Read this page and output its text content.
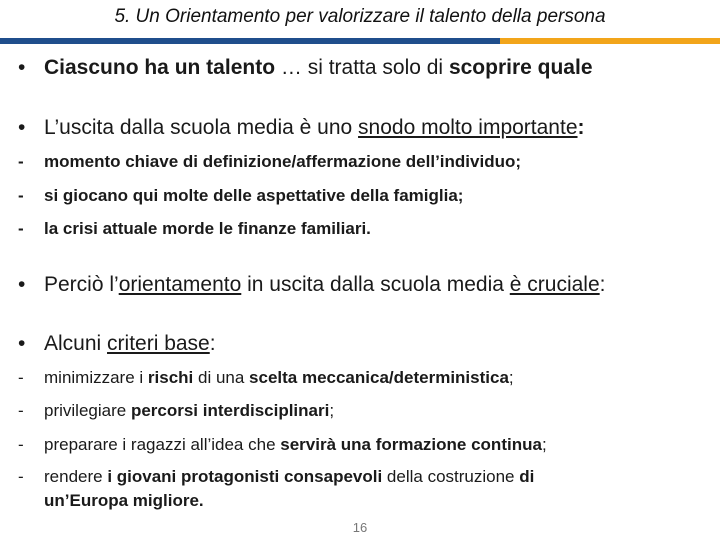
5. Un Orientamento per valorizzare il talento della persona
• Ciascuno ha un talento … si tratta solo di scoprire quale
• L’uscita dalla scuola media è uno snodo molto importante:
- momento chiave di definizione/affermazione dell’individuo;
- si giocano qui molte delle aspettative della famiglia;
- la crisi attuale morde le finanze familiari.
• Perciò l’orientamento in uscita dalla scuola media è cruciale:
• Alcuni criteri base:
- minimizzare i rischi di una scelta meccanica/deterministica;
- privilegiare percorsi interdisciplinari;
- preparare i ragazzi all’idea che servirà una formazione continua;
- rendere i giovani protagonisti consapevoli della costruzione di
un’Europa migliore.
16
